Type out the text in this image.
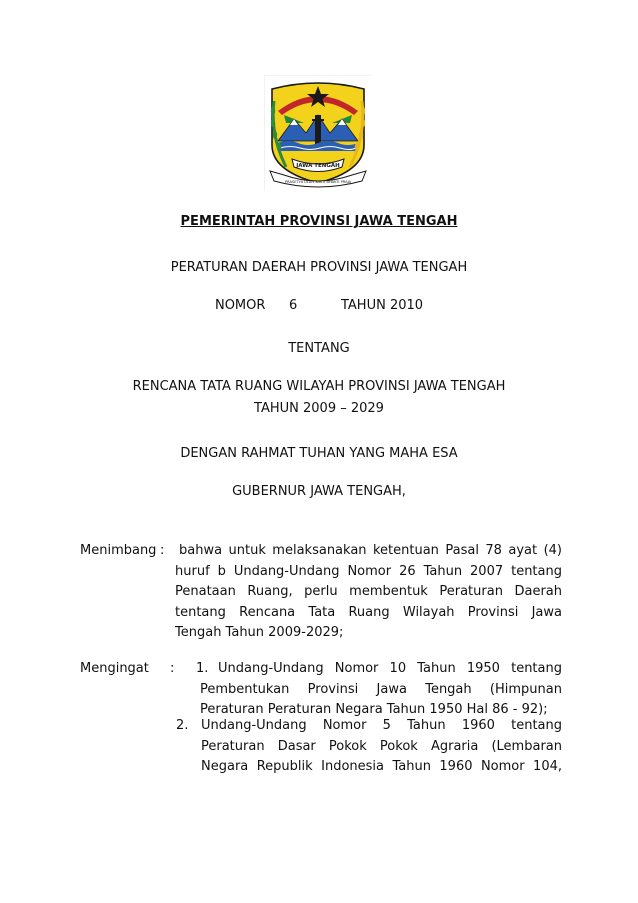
JAWA TENGAH
PRASETYA ULAH SAKTI BHAKTI PRAJA
PEMERINTAH PROVINSI JAWA TENGAH
PERATURAN DAERAH PROVINSI JAWA TENGAH
NOMOR 6	TAHUN 2010
TENTANG
RENCANA TATA RUANG WILAYAH PROVINSI JAWA TENGAH
TAHUN 2009 – 2029
DENGAN RAHMAT TUHAN YANG MAHA ESA
GUBERNUR JAWA TENGAH,
Menimbang :	bahwa untuk melaksanakan ketentuan Pasal 78 ayat (4)
huruf b Undang-Undang Nomor 26 Tahun 2007 tentang
Penataan Ruang, perlu membentuk Peraturan Daerah
tentang Rencana Tata Ruang Wilayah Provinsi Jawa
Tengah Tahun 2009-2029;
Mengingat : 1. Undang-Undang Nomor 10 Tahun 1950 tentang
Pembentukan Provinsi Jawa Tengah (Himpunan
Peraturan Peraturan Negara Tahun 1950 Hal 86 - 92);
2. Undang-Undang Nomor 5 Tahun 1960 tentang
Peraturan Dasar Pokok Pokok Agraria (Lembaran
Negara Republik Indonesia Tahun 1960 Nomor 104,
